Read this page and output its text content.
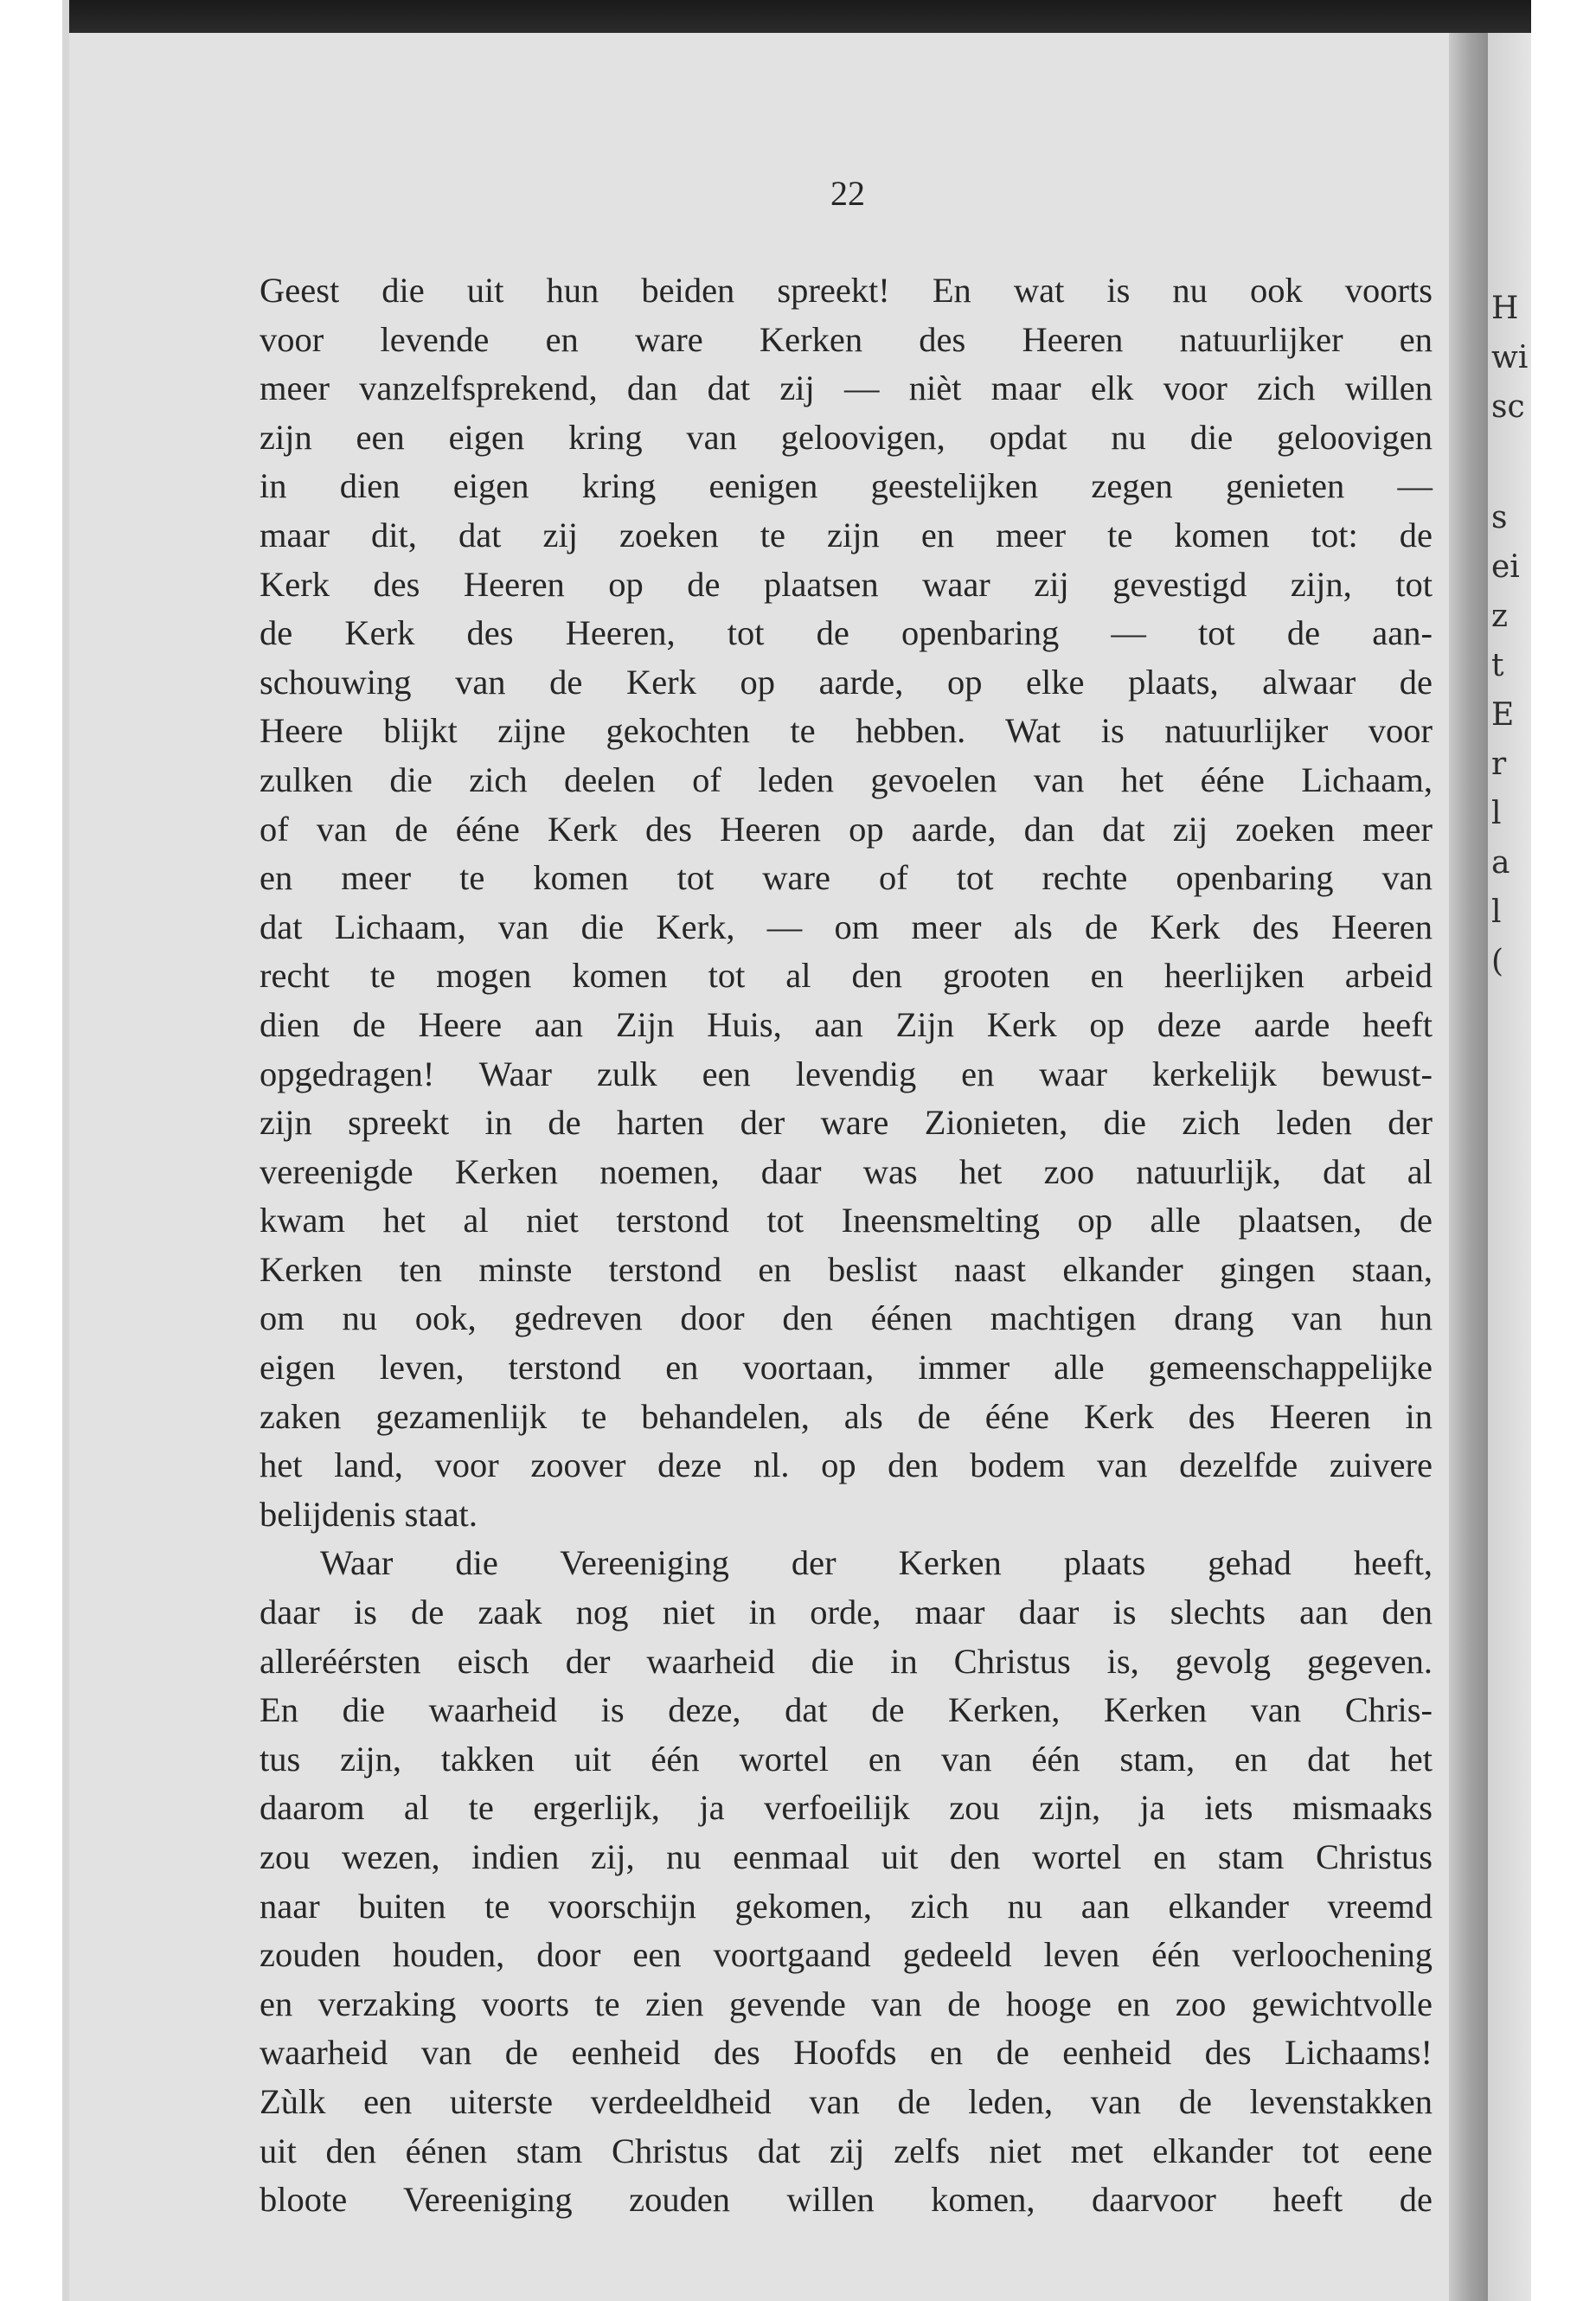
H
wi
sc
s
ei
z
t
E
r
l
a
l
(
22
Geest die uit hun beiden spreekt! En wat is nu ook voorts
voor levende en ware Kerken des Heeren natuurlijker en
meer vanzelfsprekend, dan dat zij — nièt maar elk voor zich willen
zijn een eigen kring van geloovigen, opdat nu die geloovigen
in dien eigen kring eenigen geestelijken zegen genieten —
maar dit, dat zij zoeken te zijn en meer te komen tot: de
Kerk des Heeren op de plaatsen waar zij gevestigd zijn, tot
de Kerk des Heeren, tot de openbaring — tot de aan-
schouwing van de Kerk op aarde, op elke plaats, alwaar de
Heere blijkt zijne gekochten te hebben. Wat is natuurlijker voor
zulken die zich deelen of leden gevoelen van het ééne Lichaam,
of van de ééne Kerk des Heeren op aarde, dan dat zij zoeken meer
en meer te komen tot ware of tot rechte openbaring van
dat Lichaam, van die Kerk, — om meer als de Kerk des Heeren
recht te mogen komen tot al den grooten en heerlijken arbeid
dien de Heere aan Zijn Huis, aan Zijn Kerk op deze aarde heeft
opgedragen! Waar zulk een levendig en waar kerkelijk bewust-
zijn spreekt in de harten der ware Zionieten, die zich leden der
vereenigde Kerken noemen, daar was het zoo natuurlijk, dat al
kwam het al niet terstond tot Ineensmelting op alle plaatsen, de
Kerken ten minste terstond en beslist naast elkander gingen staan,
om nu ook, gedreven door den éénen machtigen drang van hun
eigen leven, terstond en voortaan, immer alle gemeenschappelijke
zaken gezamenlijk te behandelen, als de ééne Kerk des Heeren in
het land, voor zoover deze nl. op den bodem van dezelfde zuivere
belijdenis staat.
Waar die Vereeniging der Kerken plaats gehad heeft,
daar is de zaak nog niet in orde, maar daar is slechts aan den
alleréérsten eisch der waarheid die in Christus is, gevolg gegeven.
En die waarheid is deze, dat de Kerken, Kerken van Chris-
tus zijn, takken uit één wortel en van één stam, en dat het
daarom al te ergerlijk, ja verfoeilijk zou zijn, ja iets mismaaks
zou wezen, indien zij, nu eenmaal uit den wortel en stam Christus
naar buiten te voorschijn gekomen, zich nu aan elkander vreemd
zouden houden, door een voortgaand gedeeld leven één verloochening
en verzaking voorts te zien gevende van de hooge en zoo gewichtvolle
waarheid van de eenheid des Hoofds en de eenheid des Lichaams!
Zùlk een uiterste verdeeldheid van de leden, van de levenstakken
uit den éénen stam Christus dat zij zelfs niet met elkander tot eene
bloote Vereeniging zouden willen komen, daarvoor heeft de
